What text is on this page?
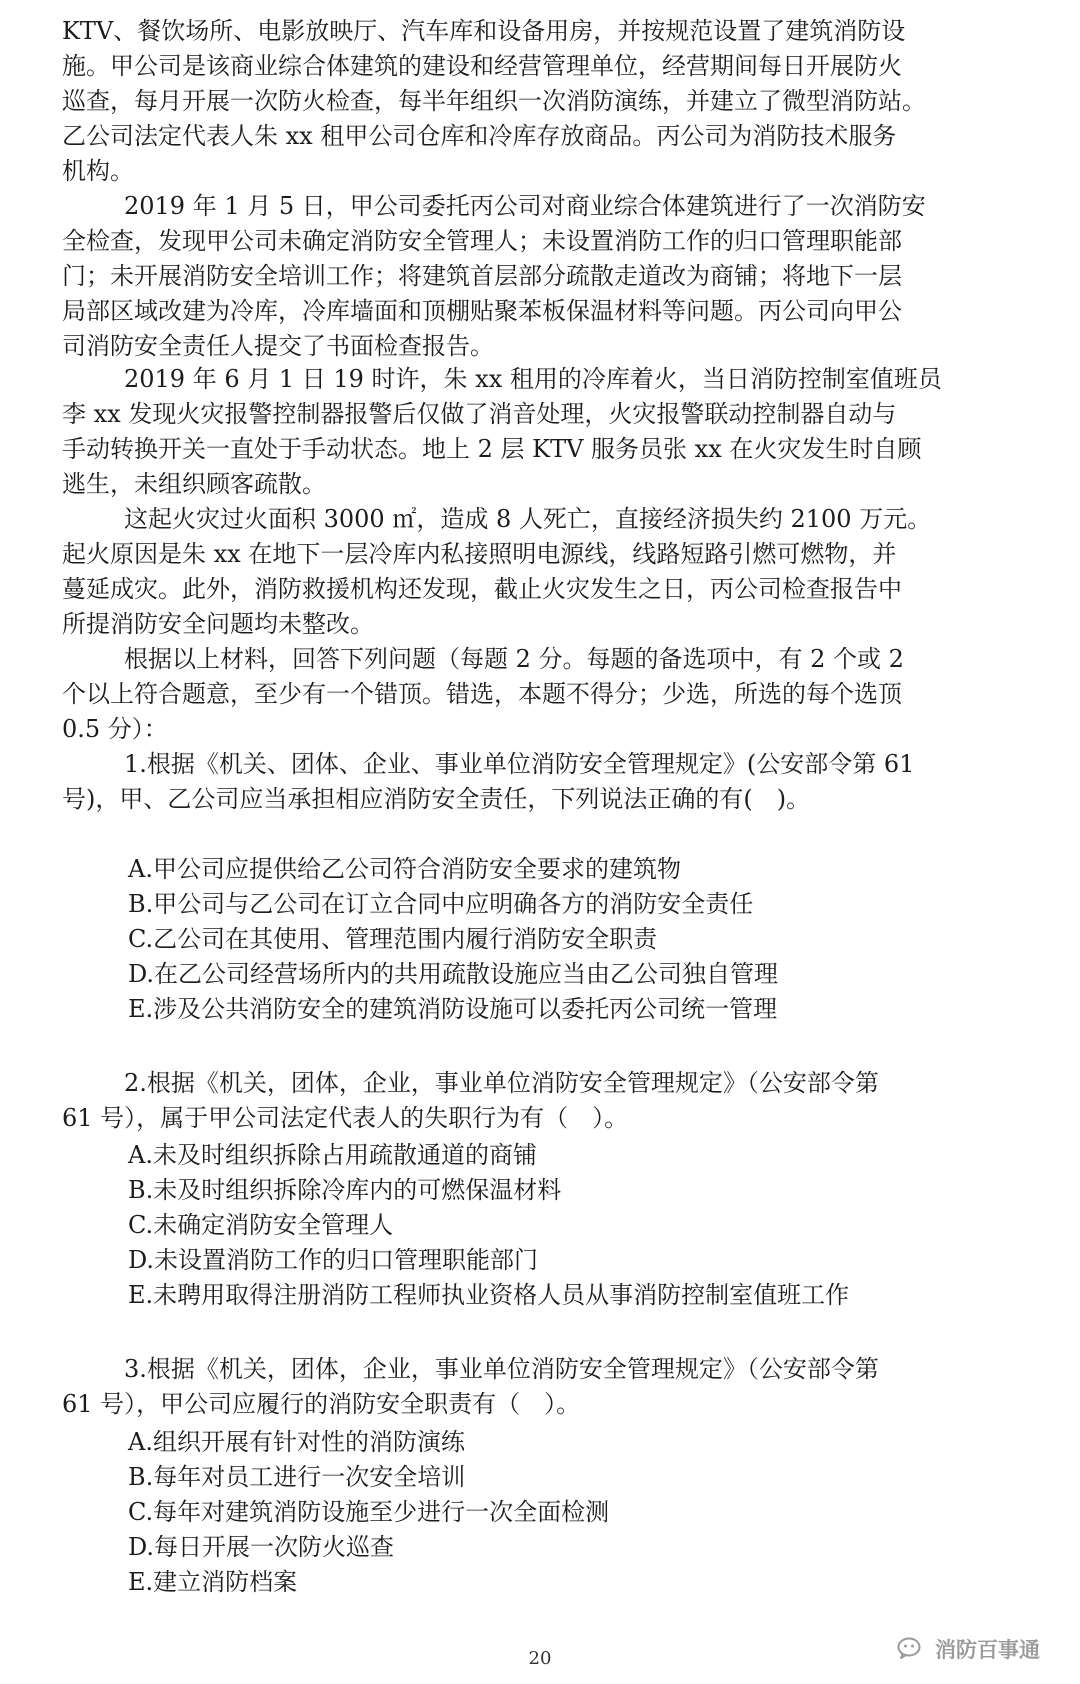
KTV、餐饮场所、电影放映厅、汽车库和设备用房，并按规范设置了建筑消防设
施。甲公司是该商业综合体建筑的建设和经营管理单位，经营期间每日开展防火
巡查，每月开展一次防火检查，每半年组织一次消防演练，并建立了微型消防站。
乙公司法定代表人朱 xx 租甲公司仓库和冷库存放商品。丙公司为消防技术服务
机构。
2019 年 1 月 5 日，甲公司委托丙公司对商业综合体建筑进行了一次消防安
全检查，发现甲公司未确定消防安全管理人；未设置消防工作的归口管理职能部
门；未开展消防安全培训工作；将建筑首层部分疏散走道改为商铺；将地下一层
局部区域改建为冷库，冷库墙面和顶棚贴聚苯板保温材料等问题。丙公司向甲公
司消防安全责任人提交了书面检查报告。
2019 年 6 月 1 日 19 时许，朱 xx 租用的冷库着火，当日消防控制室值班员
李 xx 发现火灾报警控制器报警后仅做了消音处理，火灾报警联动控制器自动与
手动转换开关一直处于手动状态。地上 2 层 KTV 服务员张 xx 在火灾发生时自顾
逃生，未组织顾客疏散。
这起火灾过火面积 3000 ㎡，造成 8 人死亡，直接经济损失约 2100 万元。
起火原因是朱 xx 在地下一层冷库内私接照明电源线，线路短路引燃可燃物，并
蔓延成灾。此外，消防救援机构还发现，截止火灾发生之日，丙公司检查报告中
所提消防安全问题均未整改。
根据以上材料，回答下列问题（每题 2 分。每题的备选项中，有 2 个或 2
个以上符合题意，至少有一个错顶。错选，本题不得分；少选，所选的每个选顶
0.5 分）：
1.根据《机关、团体、企业、事业单位消防安全管理规定》(公安部令第 61
号)，甲、乙公司应当承担相应消防安全责任，下列说法正确的有(　)。
A.甲公司应提供给乙公司符合消防安全要求的建筑物
B.甲公司与乙公司在订立合同中应明确各方的消防安全责任
C.乙公司在其使用、管理范围内履行消防安全职责
D.在乙公司经营场所内的共用疏散设施应当由乙公司独自管理
E.涉及公共消防安全的建筑消防设施可以委托丙公司统一管理
2.根据《机关，团体，企业，事业单位消防安全管理规定》（公安部令第
61 号），属于甲公司法定代表人的失职行为有（　）。
A.未及时组织拆除占用疏散通道的商铺
B.未及时组织拆除冷库内的可燃保温材料
C.未确定消防安全管理人
D.未设置消防工作的归口管理职能部门
E.未聘用取得注册消防工程师执业资格人员从事消防控制室值班工作
3.根据《机关，团体，企业，事业单位消防安全管理规定》（公安部令第
61 号），甲公司应履行的消防安全职责有（　）。
A.组织开展有针对性的消防演练
B.每年对员工进行一次安全培训
C.每年对建筑消防设施至少进行一次全面检测
D.每日开展一次防火巡查
E.建立消防档案
20	消防百事通
